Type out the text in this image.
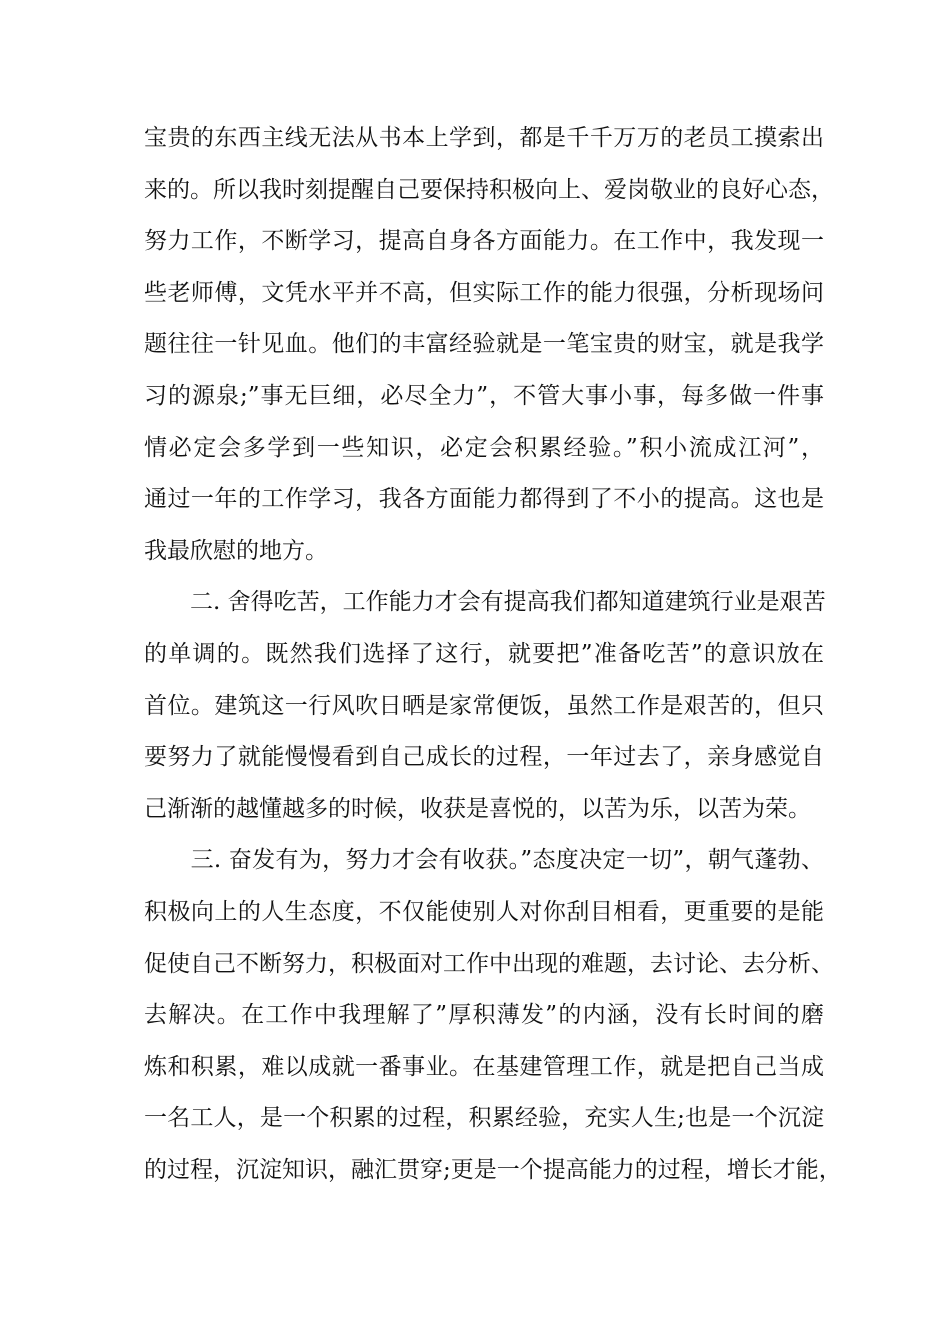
宝贵的东西主线无法从书本上学到，都是千千万万的老员工摸索出
来的。所以我时刻提醒自己要保持积极向上、爱岗敬业的良好心态，
努力工作，不断学习，提高自身各方面能力。在工作中，我发现一
些老师傅，文凭水平并不高，但实际工作的能力很强，分析现场问
题往往一针见血。他们的丰富经验就是一笔宝贵的财宝，就是我学
习的源泉;”事无巨细，必尽全力”，不管大事小事，每多做一件事
情必定会多学到一些知识，必定会积累经验。”积小流成江河”，
通过一年的工作学习，我各方面能力都得到了不小的提高。这也是
我最欣慰的地方。
　　二. 舍得吃苦，工作能力才会有提高我们都知道建筑行业是艰苦
的单调的。既然我们选择了这行，就要把”准备吃苦”的意识放在
首位。建筑这一行风吹日晒是家常便饭，虽然工作是艰苦的，但只
要努力了就能慢慢看到自己成长的过程，一年过去了，亲身感觉自
己渐渐的越懂越多的时候，收获是喜悦的，以苦为乐，以苦为荣。
　　三. 奋发有为，努力才会有收获。”态度决定一切”，朝气蓬勃、
积极向上的人生态度，不仅能使别人对你刮目相看，更重要的是能
促使自己不断努力，积极面对工作中出现的难题，去讨论、去分析、
去解决。在工作中我理解了”厚积薄发”的内涵，没有长时间的磨
炼和积累，难以成就一番事业。在基建管理工作，就是把自己当成
一名工人，是一个积累的过程，积累经验，充实人生;也是一个沉淀
的过程，沉淀知识，融汇贯穿;更是一个提高能力的过程，增长才能，
